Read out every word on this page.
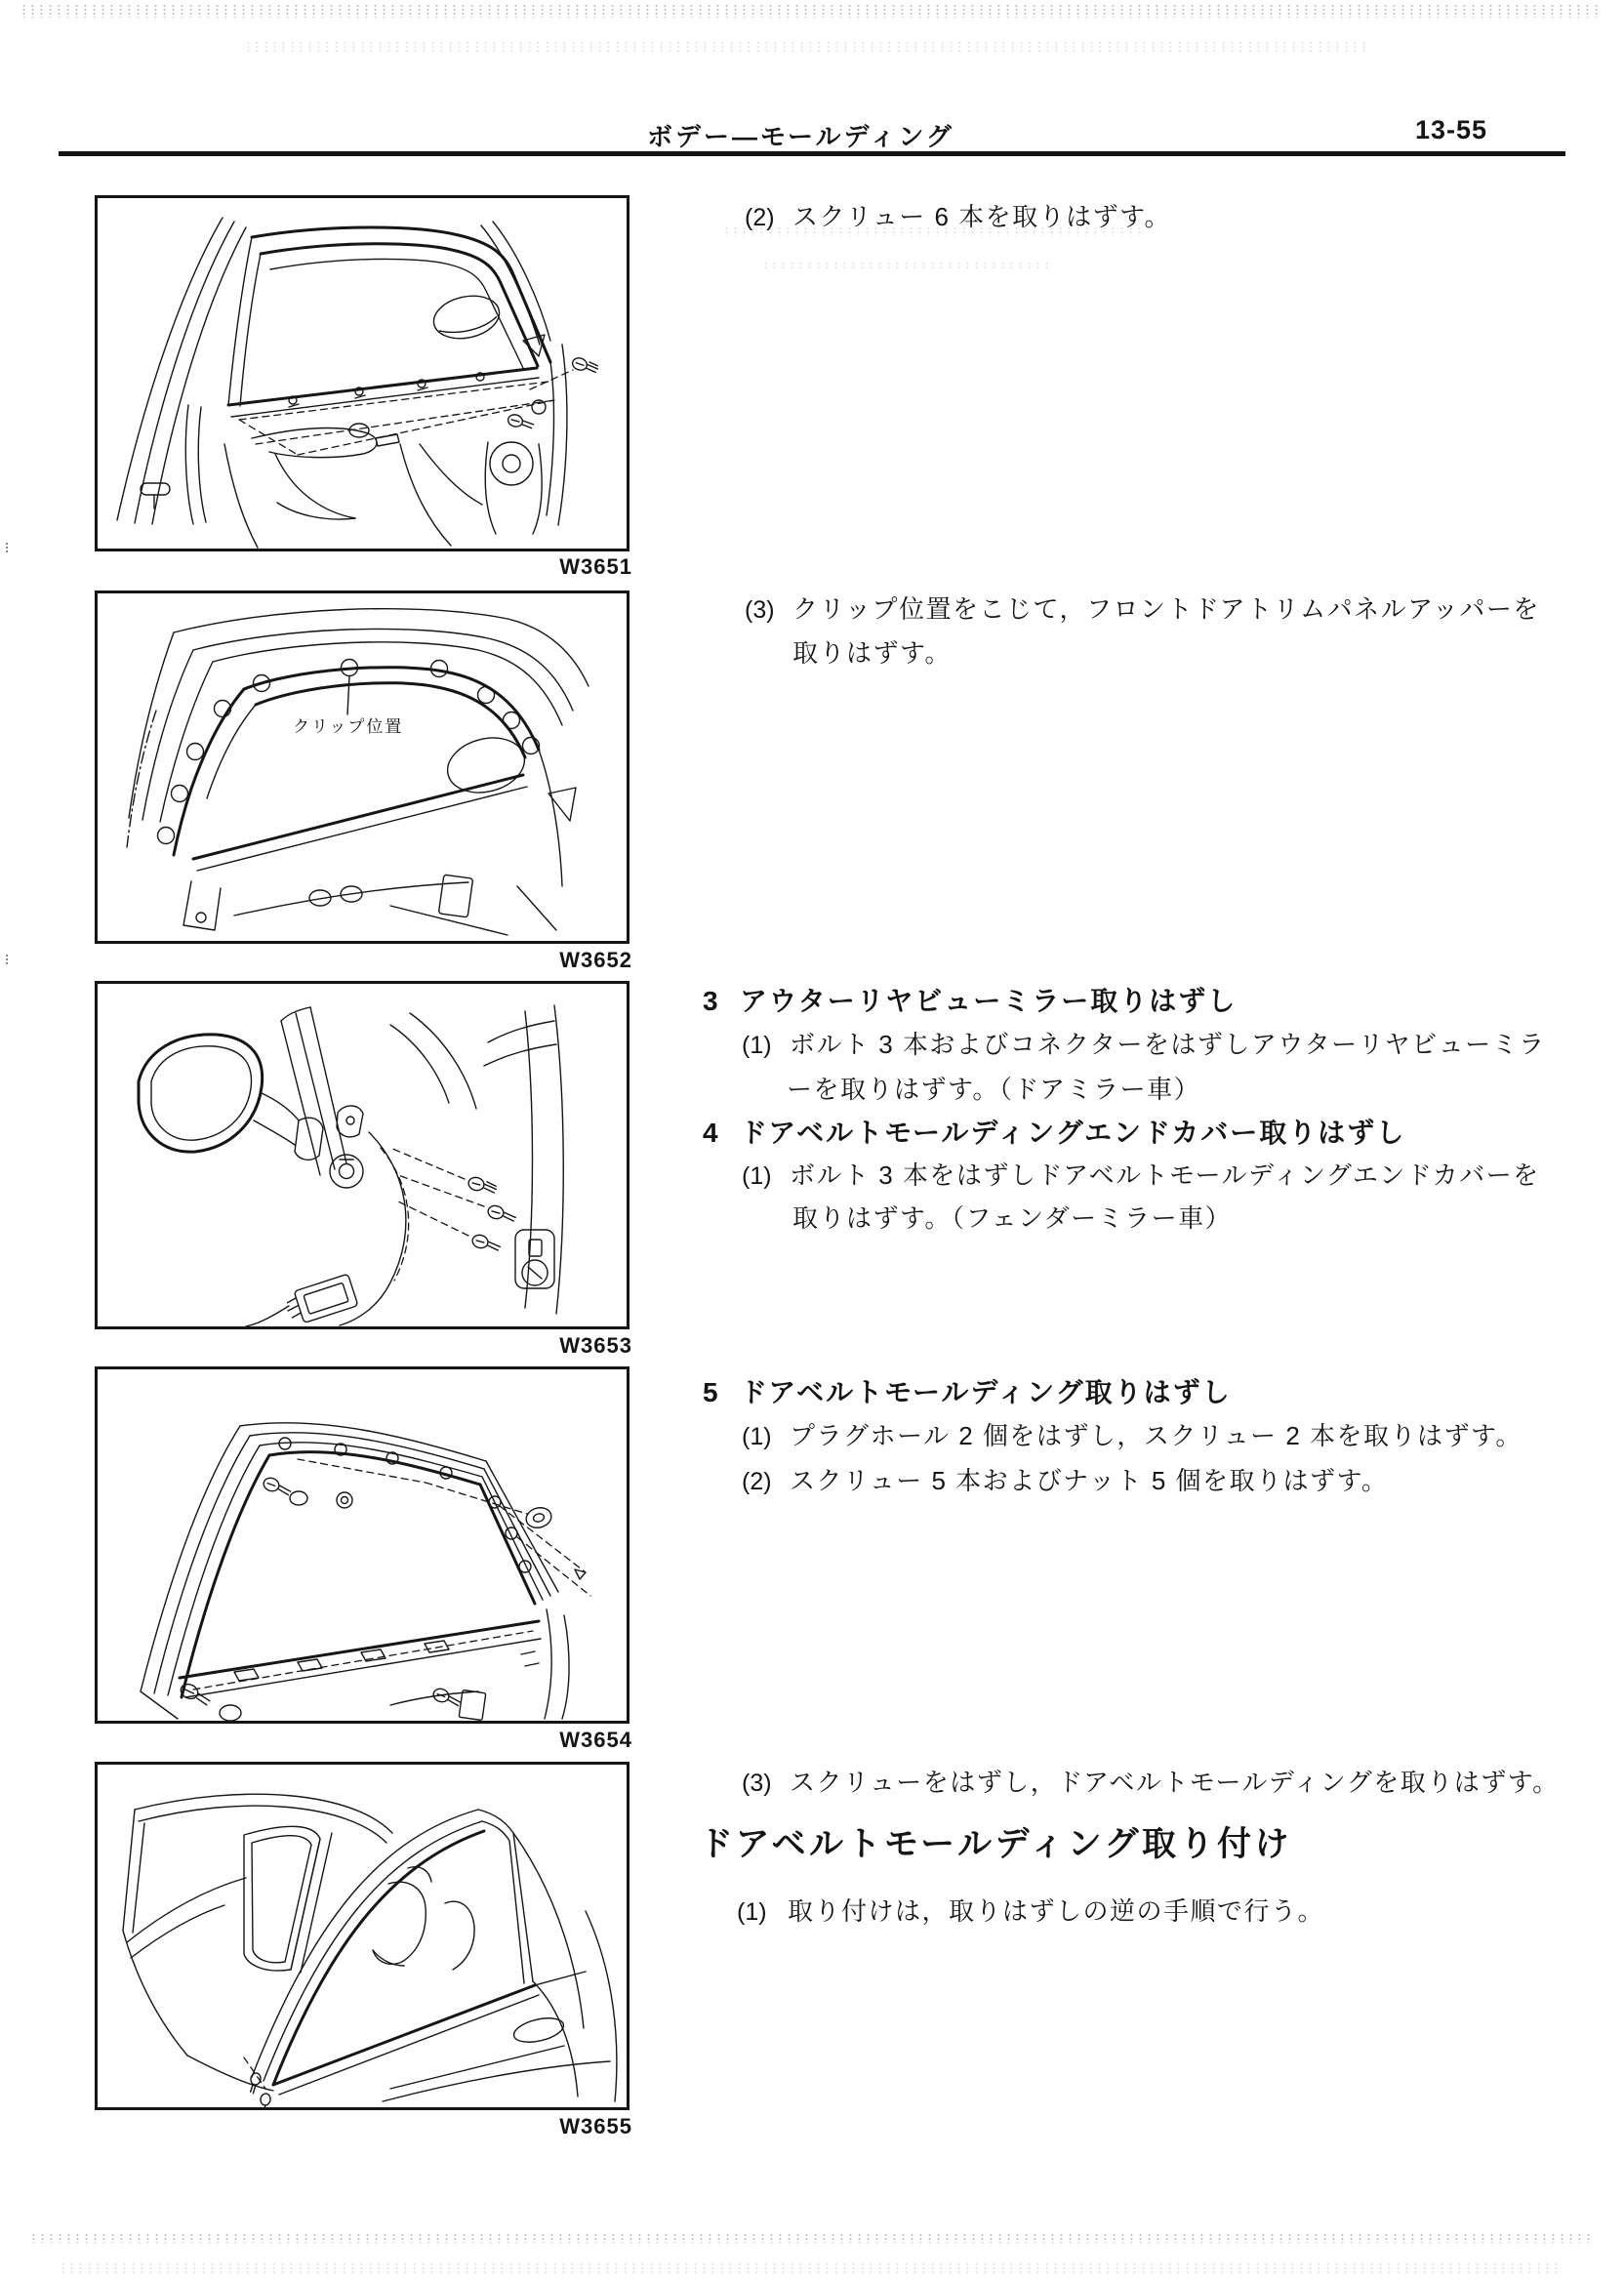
ボデー―モールディング	13-55
W3651
クリップ位置
W3652
W3653
W3654
W3655
(2) スクリュー 6 本を取りはずす。
(3) クリップ位置をこじて，フロントドアトリムパネルアッパーを
取りはずす。
3 アウターリヤビューミラー取りはずし
(1) ボルト 3 本およびコネクターをはずしアウターリヤビューミラ
ーを取りはずす。（ドアミラー車）
4 ドアベルトモールディングエンドカバー取りはずし
(1) ボルト 3 本をはずしドアベルトモールディングエンドカバーを
取りはずす。（フェンダーミラー車）
5 ドアベルトモールディング取りはずし
(1) プラグホール 2 個をはずし，スクリュー 2 本を取りはずす。
(2) スクリュー 5 本およびナット 5 個を取りはずす。
(3) スクリューをはずし，ドアベルトモールディングを取りはずす。
ドアベルトモールディング取り付け
(1) 取り付けは，取りはずしの逆の手順で行う。
